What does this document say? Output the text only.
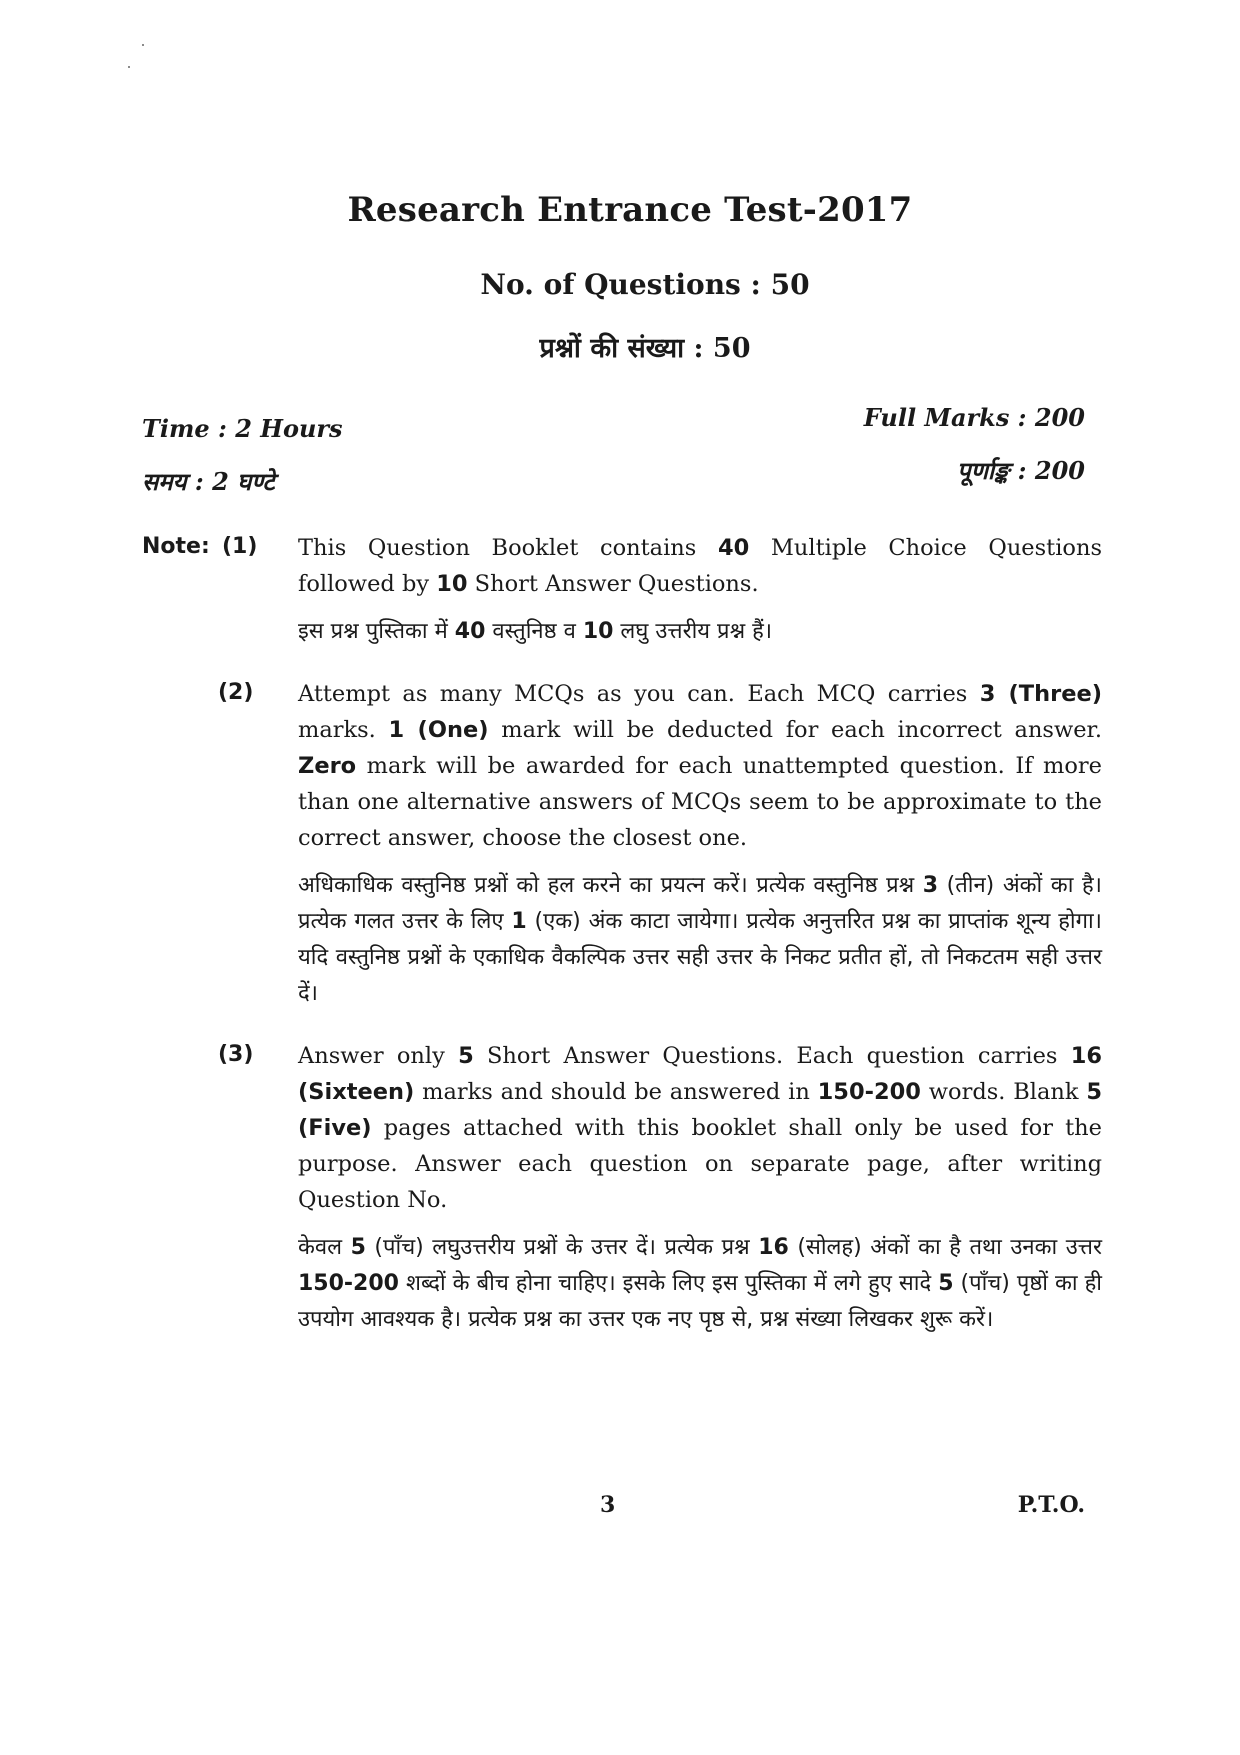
Research Entrance Test-2017
No. of Questions : 50
प्रश्नों की संख्या : 50
Time : 2 Hours
समय : 2 घण्टे
Full Marks : 200
पूर्णाङ्क : 200
Note: (1) This Question Booklet contains 40 Multiple Choice Questions followed by 10 Short Answer Questions.

इस प्रश्न पुस्तिका में 40 वस्तुनिष्ठ व 10 लघु उत्तरीय प्रश्न हैं।

(2) Attempt as many MCQs as you can. Each MCQ carries 3 (Three) marks. 1 (One) mark will be deducted for each incorrect answer. Zero mark will be awarded for each unattempted question. If more than one alternative answers of MCQs seem to be approximate to the correct answer, choose the closest one.

अधिकाधिक वस्तुनिष्ठ प्रश्नों को हल करने का प्रयत्न करें। प्रत्येक वस्तुनिष्ठ प्रश्न 3 (तीन) अंकों का है। प्रत्येक गलत उत्तर के लिए 1 (एक) अंक काटा जायेगा। प्रत्येक अनुत्तरित प्रश्न का प्राप्तांक शून्य होगा। यदि वस्तुनिष्ठ प्रश्नों के एकाधिक वैकल्पिक उत्तर सही उत्तर के निकट प्रतीत हों, तो निकटतम सही उत्तर दें।

(3) Answer only 5 Short Answer Questions. Each question carries 16 (Sixteen) marks and should be answered in 150-200 words. Blank 5 (Five) pages attached with this booklet shall only be used for the purpose. Answer each question on separate page, after writing Question No.

केवल 5 (पाँच) लघुउत्तरीय प्रश्नों के उत्तर दें। प्रत्येक प्रश्न 16 (सोलह) अंकों का है तथा उनका उत्तर 150-200 शब्दों के बीच होना चाहिए। इसके लिए इस पुस्तिका में लगे हुए सादे 5 (पाँच) पृष्ठों का ही उपयोग आवश्यक है। प्रत्येक प्रश्न का उत्तर एक नए पृष्ठ से, प्रश्न संख्या लिखकर शुरू करें।

3	P.T.O.
